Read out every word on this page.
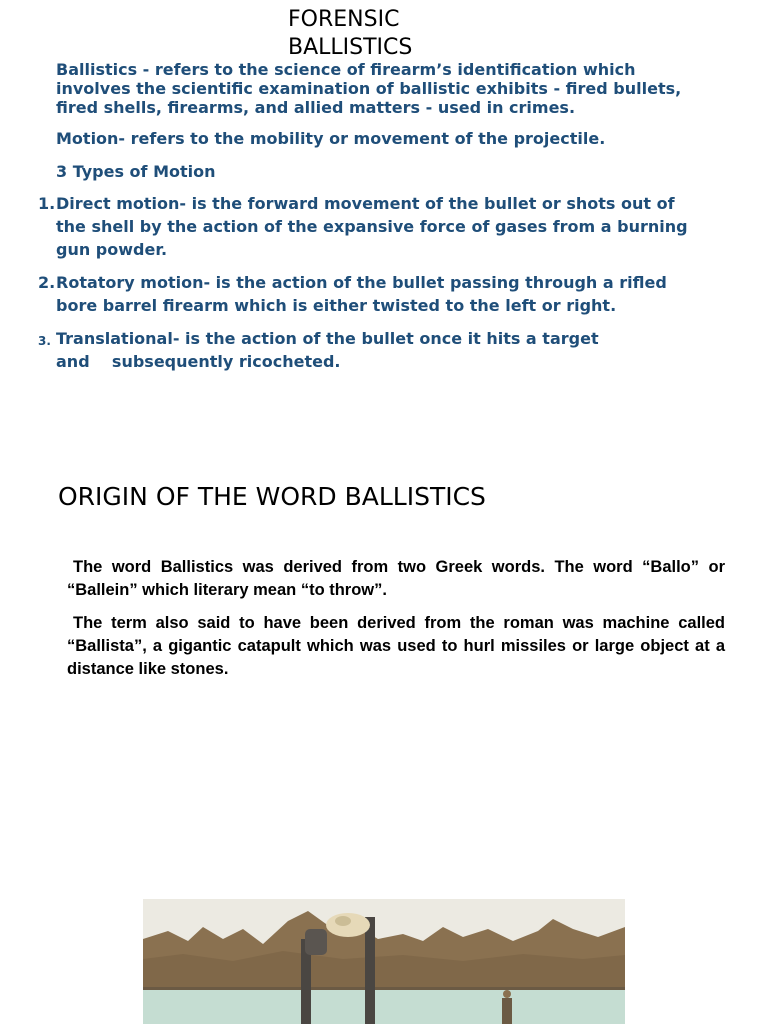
FORENSIC
BALLISTICS
Ballistics - refers to the science of firearm’s identification which
involves the scientific examination of ballistic exhibits - fired bullets,
fired shells, firearms, and allied matters - used in crimes.
Motion- refers to the mobility or movement of the projectile.
3 Types of Motion
1. Direct motion- is the forward movement of the bullet or shots out of
the shell by the action of the expansive force of gases from a burning
gun powder.
2. Rotatory motion- is the action of the bullet passing through a rifled
bore barrel firearm which is either twisted to the left or right.
3. Translational- is the action of the bullet once it hits a target
and    subsequently ricocheted.
ORIGIN OF THE WORD BALLISTICS
The word Ballistics was derived from two Greek words. The word “Ballo” or “Ballein” which literary mean “to throw”.
The term also said to have been derived from the roman was machine called “Ballista”, a gigantic catapult which was used to hurl missiles or large object at a distance like stones.
